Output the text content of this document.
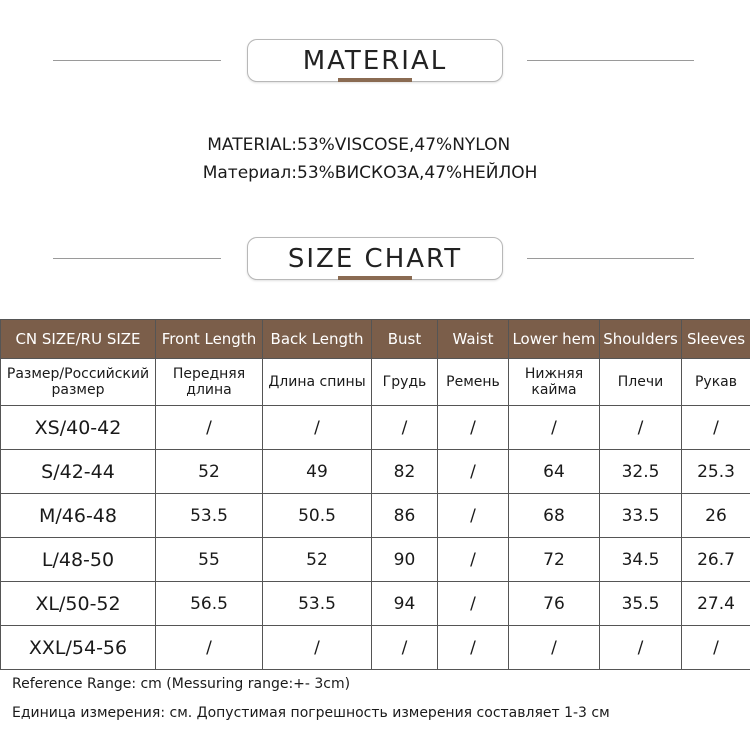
MATERIAL
MATERIAL: 53%VISCOSE,47%NYLON
Материал: 53%ВИСКОЗА,47%НЕЙЛОН
SIZE CHART
CN SIZE/RU SIZE	Front Length	Back Length	Bust	Waist	Lower hem	Shoulders	Sleeves
Размер/Российский размер	Передняя длина	Длина спины	Грудь	Ремень	Нижняя кайма	Плечи	Рукав
XS/40-42	/	/	/	/	/	/	/
S/42-44	52	49	82	/	64	32.5	25.3
M/46-48	53.5	50.5	86	/	68	33.5	26
L/48-50	55	52	90	/	72	34.5	26.7
XL/50-52	56.5	53.5	94	/	76	35.5	27.4
XXL/54-56	/	/	/	/	/	/	/
Reference Range: cm (Messuring range:+- 3cm)
Единица измерения: см. Допустимая погрешность измерения составляет 1-3 см
